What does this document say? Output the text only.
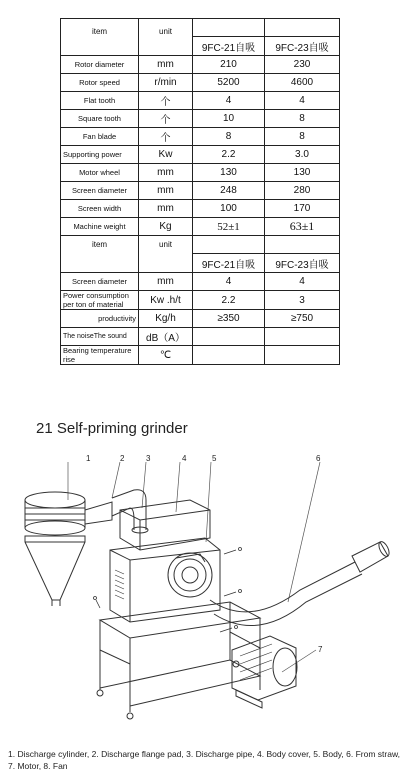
item	unit		
		9FC-21自吸	9FC-23自吸
Rotor diameter	mm	210	230
Rotor speed	r/min	5200	4600
Flat tooth	个	4	4
Square tooth	个	10	8
Fan blade	个	8	8
Supporting power	Kw	2.2	3.0
Motor wheel	mm	130	130
Screen diameter	mm	248	280
Screen width	mm	100	170
Machine weight	Kg	52±1	63±1
item	unit		
		9FC-21自吸	9FC-23自吸
Screen diameter	mm	4	4
Power consumption per ton of material	Kw .h/t	2.2	3
productivity	Kg/h	≥350	≥750
The noiseThe sound	dB（A）		
Bearing temperature rise	℃		
21 Self-priming grinder
1	2	3	4	5	6
7
1. Discharge cylinder, 2. Discharge flange pad, 3. Discharge pipe, 4. Body cover, 5. Body, 6. From straw, 7. Motor, 8. Fan
